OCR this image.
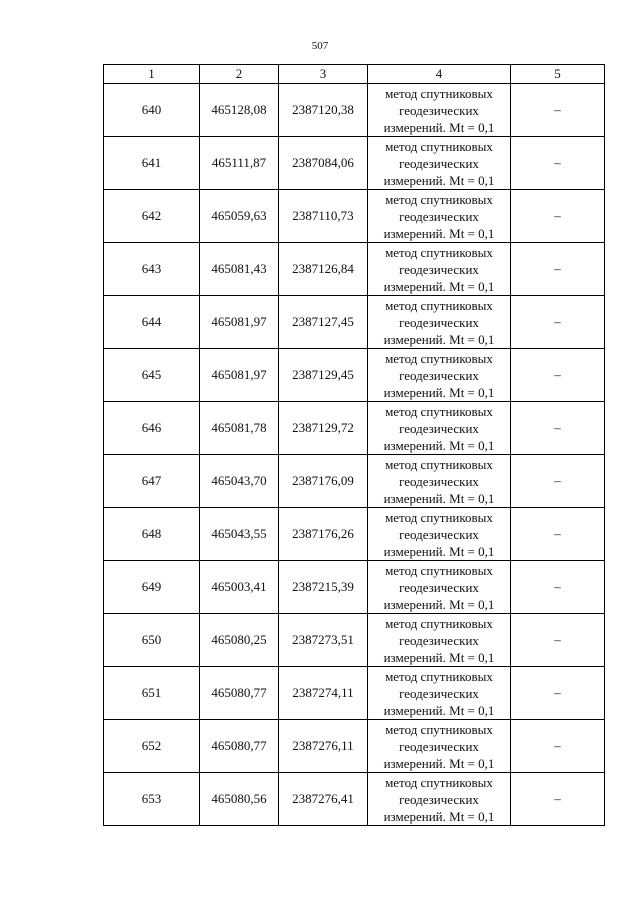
507
1	2	3	4	5
640	465128,08	2387120,38	метод спутниковых
геодезических
измерений. Mt = 0,1	–
641	465111,87	2387084,06	метод спутниковых
геодезических
измерений. Mt = 0,1	–
642	465059,63	2387110,73	метод спутниковых
геодезических
измерений. Mt = 0,1	–
643	465081,43	2387126,84	метод спутниковых
геодезических
измерений. Mt = 0,1	–
644	465081,97	2387127,45	метод спутниковых
геодезических
измерений. Mt = 0,1	–
645	465081,97	2387129,45	метод спутниковых
геодезических
измерений. Mt = 0,1	–
646	465081,78	2387129,72	метод спутниковых
геодезических
измерений. Mt = 0,1	–
647	465043,70	2387176,09	метод спутниковых
геодезических
измерений. Mt = 0,1	–
648	465043,55	2387176,26	метод спутниковых
геодезических
измерений. Mt = 0,1	–
649	465003,41	2387215,39	метод спутниковых
геодезических
измерений. Mt = 0,1	–
650	465080,25	2387273,51	метод спутниковых
геодезических
измерений. Mt = 0,1	–
651	465080,77	2387274,11	метод спутниковых
геодезических
измерений. Mt = 0,1	–
652	465080,77	2387276,11	метод спутниковых
геодезических
измерений. Mt = 0,1	–
653	465080,56	2387276,41	метод спутниковых
геодезических
измерений. Mt = 0,1	–
